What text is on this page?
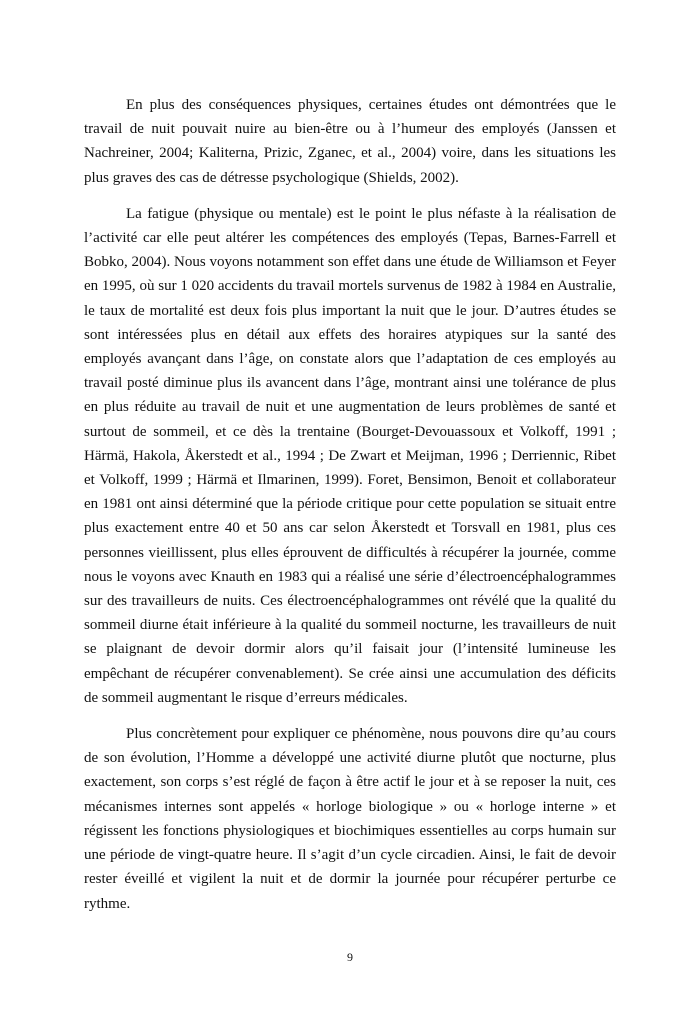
En plus des conséquences physiques, certaines études ont démontrées que le travail de nuit pouvait nuire au bien-être ou à l’humeur des employés (Janssen et Nachreiner, 2004; Kaliterna, Prizic, Zganec, et al., 2004) voire, dans les situations les plus graves des cas de détresse psychologique (Shields, 2002).

La fatigue (physique ou mentale) est le point le plus néfaste à la réalisation de l’activité car elle peut altérer les compétences des employés (Tepas, Barnes-Farrell et Bobko, 2004). Nous voyons notamment son effet dans une étude de Williamson et Feyer en 1995, où sur 1 020 accidents du travail mortels survenus de 1982 à 1984 en Australie, le taux de mortalité est deux fois plus important la nuit que le jour. D’autres études se sont intéressées plus en détail aux effets des horaires atypiques sur la santé des employés avançant dans l’âge, on constate alors que l’adaptation de ces employés au travail posté diminue plus ils avancent dans l’âge, montrant ainsi une tolérance de plus en plus réduite au travail de nuit et une augmentation de leurs problèmes de santé et surtout de sommeil, et ce dès la trentaine (Bourget-Devouassoux et Volkoff, 1991 ; Härmä, Hakola, Åkerstedt et al., 1994 ; De Zwart et Meijman, 1996 ; Derriennic, Ribet et Volkoff, 1999 ; Härmä et Ilmarinen, 1999). Foret, Bensimon, Benoit et collaborateur en 1981 ont ainsi déterminé que la période critique pour cette population se situait entre plus exactement entre 40 et 50 ans car selon Åkerstedt et Torsvall en 1981, plus ces personnes vieillissent, plus elles éprouvent de difficultés à récupérer la journée, comme nous le voyons avec Knauth en 1983 qui a réalisé une série d’électroencéphalogrammes sur des travailleurs de nuits. Ces électroencéphalogrammes ont révélé que la qualité du sommeil diurne était inférieure à la qualité du sommeil nocturne, les travailleurs de nuit se plaignant de devoir dormir alors qu’il faisait jour (l’intensité lumineuse les empêchant de récupérer convenablement). Se crée ainsi une accumulation des déficits de sommeil augmentant le risque d’erreurs médicales.

Plus concrètement pour expliquer ce phénomène, nous pouvons dire qu’au cours de son évolution, l’Homme a développé une activité diurne plutôt que nocturne, plus exactement, son corps s’est réglé de façon à être actif le jour et à se reposer la nuit, ces mécanismes internes sont appelés « horloge biologique » ou « horloge interne » et régissent les fonctions physiologiques et biochimiques essentielles au corps humain sur une période de vingt-quatre heure. Il s’agit d’un cycle circadien. Ainsi, le fait de devoir rester éveillé et vigilent la nuit et de dormir la journée pour récupérer perturbe ce rythme.

9
